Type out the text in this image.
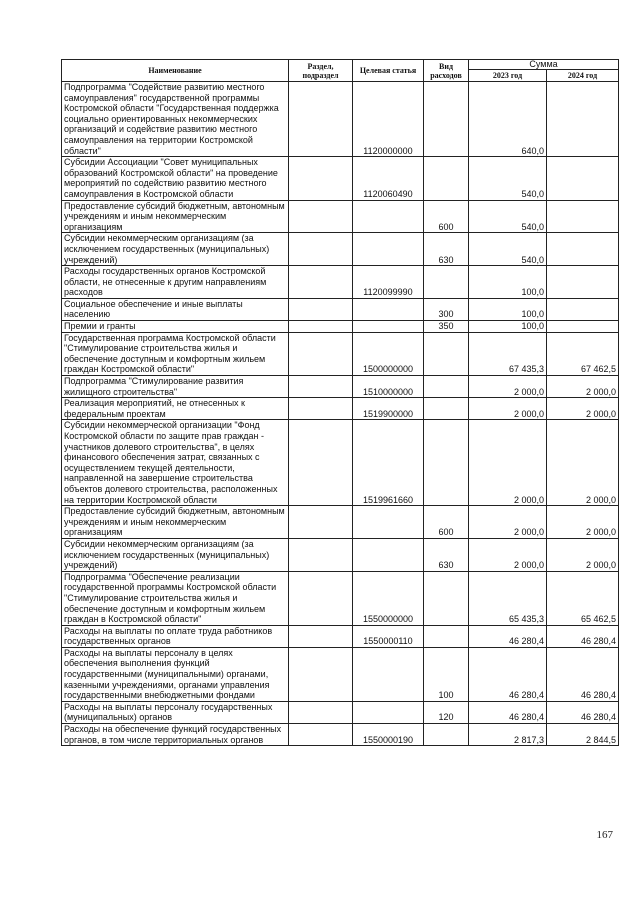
Наименование	Раздел, подраздел	Целевая статья	Вид расходов	Сумма	
				2023 год	2024 год
Подпрограмма "Содействие развитию местного самоуправления" государственной программы Костромской области "Государственная поддержка социально ориентированных некоммерческих организаций и содействие развитию местного самоуправления на территории Костромской области"		1120000000		640,0	
Субсидии Ассоциации "Совет муниципальных образований Костромской области" на проведение мероприятий по содействию развитию местного самоуправления в Костромской области		1120060490		540,0	
Предоставление субсидий бюджетным, автономным учреждениям и иным некоммерческим организациям			600	540,0	
Субсидии некоммерческим организациям (за исключением государственных (муниципальных) учреждений)			630	540,0	
Расходы государственных органов Костромской области, не отнесенные к другим направлениям расходов		1120099990		100,0	
Социальное обеспечение и иные выплаты населению			300	100,0	
Премии и гранты			350	100,0	
Государственная программа Костромской области "Стимулирование строительства жилья и обеспечение доступным и комфортным жильем граждан Костромской области"		1500000000		67 435,3	67 462,5
Подпрограмма "Стимулирование развития жилищного строительства"		1510000000		2 000,0	2 000,0
Реализация мероприятий, не отнесенных к федеральным проектам		1519900000		2 000,0	2 000,0
Субсидии некоммерческой организации "Фонд Костромской области по защите прав граждан - участников долевого строительства", в целях финансового обеспечения затрат, связанных с осуществлением текущей деятельности, направленной на завершение строительства объектов долевого строительства, расположенных на территории Костромской области		1519961660		2 000,0	2 000,0
Предоставление субсидий бюджетным, автономным учреждениям и иным некоммерческим организациям			600	2 000,0	2 000,0
Субсидии некоммерческим организациям (за исключением государственных (муниципальных) учреждений)			630	2 000,0	2 000,0
Подпрограмма "Обеспечение реализации государственной программы Костромской области "Стимулирование строительства жилья и обеспечение доступным и комфортным жильем граждан в Костромской области"		1550000000		65 435,3	65 462,5
Расходы на выплаты по оплате труда работников государственных органов		1550000110		46 280,4	46 280,4
Расходы на выплаты персоналу в целях обеспечения выполнения функций государственными (муниципальными) органами, казенными учреждениями, органами управления государственными внебюджетными фондами			100	46 280,4	46 280,4
Расходы на выплаты персоналу государственных (муниципальных) органов			120	46 280,4	46 280,4
Расходы на обеспечение функций государственных органов, в том числе территориальных органов		1550000190		2 817,3	2 844,5
167
